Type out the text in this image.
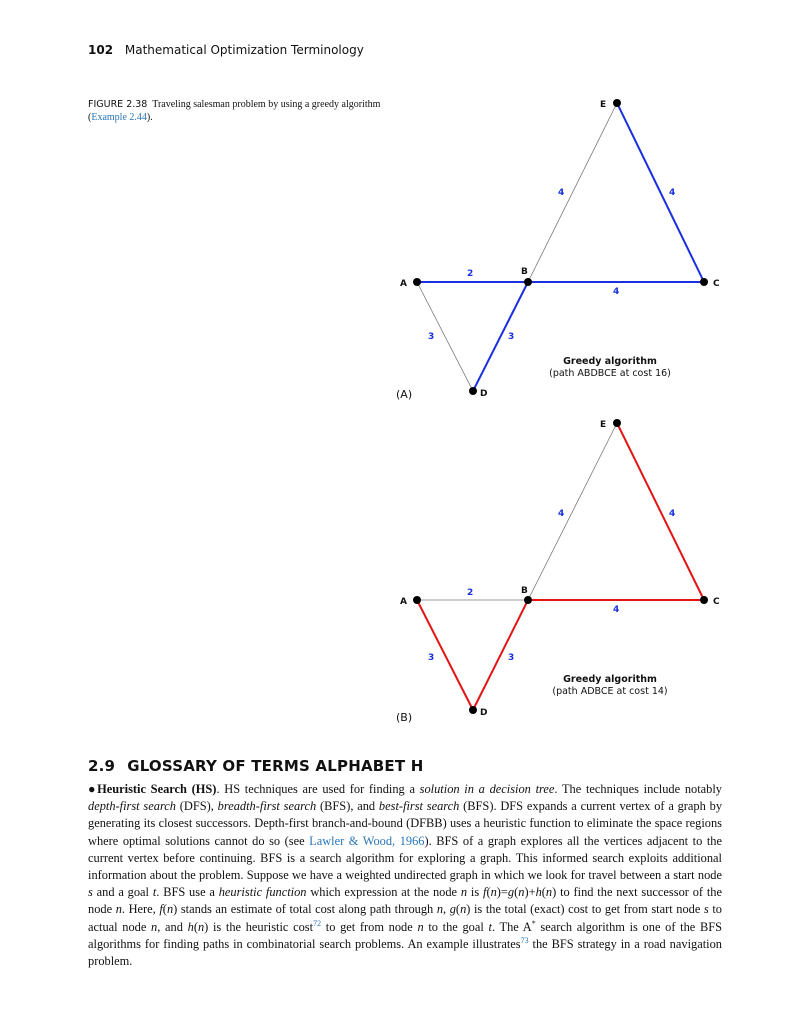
102 Mathematical Optimization Terminology
FIGURE 2.38 Traveling salesman problem by using a greedy algorithm (Example 2.44).
A
B
C
D
E
2
3	3
4
4
4
Greedy algorithm
(path ABDBCE at cost 16)
(A)
A
B
C
D
E
2
3	3
4
4
4
Greedy algorithm
(path ADBCE at cost 14)
(B)
2.9 GLOSSARY OF TERMS ALPHABET H
●Heuristic Search (HS). HS techniques are used for finding a solution in a decision tree. The techniques include notably depth-first search (DFS), breadth-first search (BFS), and best-first search (BFS). DFS expands a current vertex of a graph by generating its closest successors. Depth-first branch-and-bound (DFBB) uses a heuristic function to eliminate the space regions where optimal solutions cannot do so (see Lawler & Wood, 1966). BFS of a graph explores all the vertices adjacent to the current vertex before continuing. BFS is a search algorithm for exploring a graph. This informed search exploits additional information about the problem. Suppose we have a weighted undirected graph in which we look for travel between a start node s and a goal t. BFS use a heuristic function which expression at the node n is f(n)=g(n)+h(n) to find the next successor of the node n. Here, f(n) stands an estimate of total cost along path through n, g(n) is the total (exact) cost to get from start node s to actual node n, and h(n) is the heuristic cost$^{72}$ to get from node n to the goal t. The A* search algorithm is one of the BFS algorithms for finding paths in combinatorial search problems. An example illustrates$^{73}$ the BFS strategy in a road navigation problem.
